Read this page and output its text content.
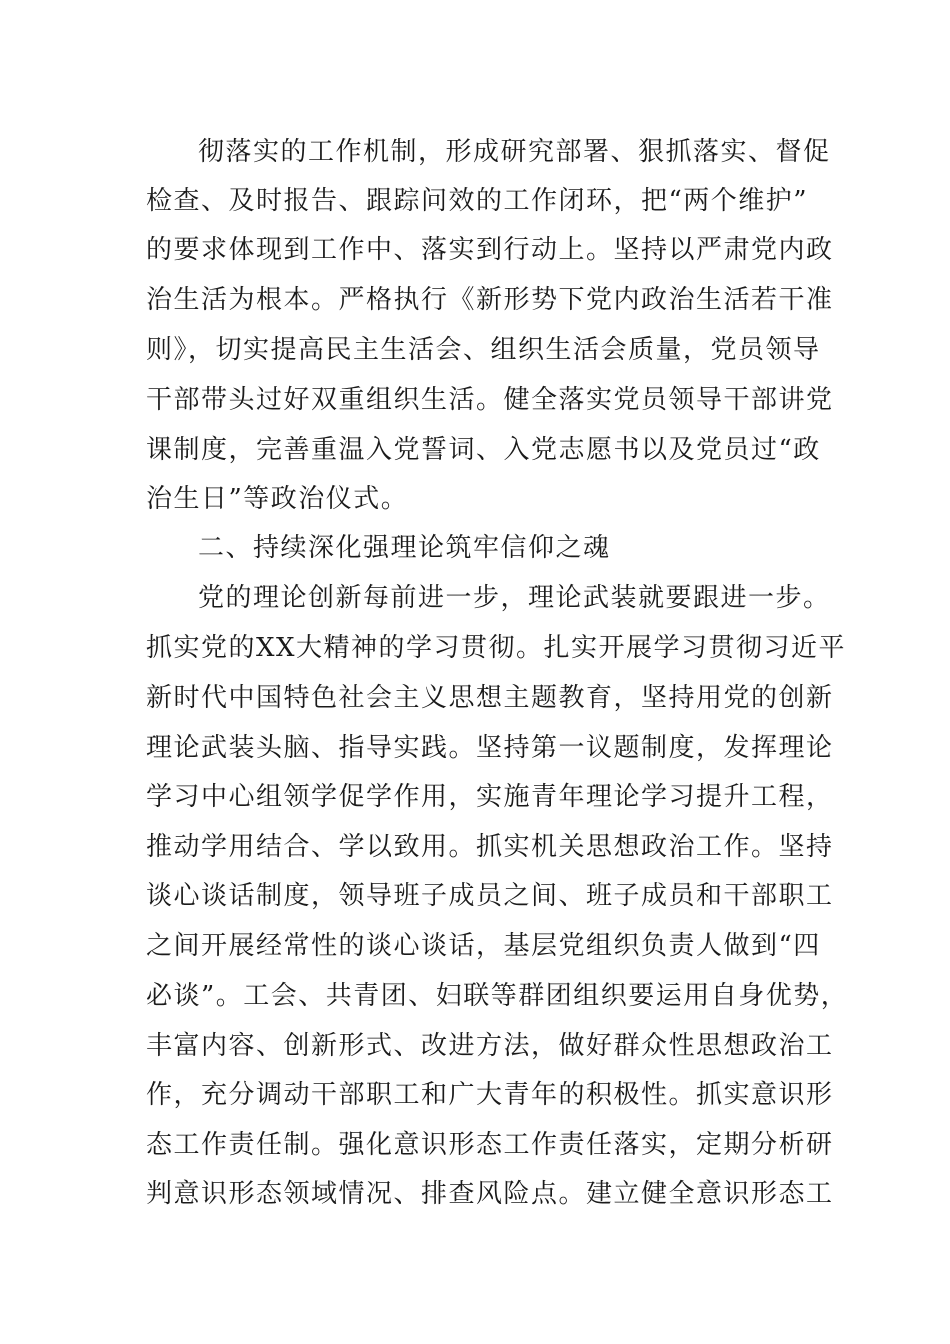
彻落实的工作机制，形成研究部署、狠抓落实、督促
检查、及时报告、跟踪问效的工作闭环，把“两个维护”
的要求体现到工作中、落实到行动上。坚持以严肃党内政
治生活为根本。严格执行《新形势下党内政治生活若干准
则》，切实提高民主生活会、组织生活会质量，党员领导
干部带头过好双重组织生活。健全落实党员领导干部讲党
课制度，完善重温入党誓词、入党志愿书以及党员过“政
治生日”等政治仪式。
二、持续深化强理论筑牢信仰之魂
党的理论创新每前进一步，理论武装就要跟进一步。
抓实党的XX大精神的学习贯彻。扎实开展学习贯彻习近平
新时代中国特色社会主义思想主题教育，坚持用党的创新
理论武装头脑、指导实践。坚持第一议题制度，发挥理论
学习中心组领学促学作用，实施青年理论学习提升工程，
推动学用结合、学以致用。抓实机关思想政治工作。坚持
谈心谈话制度，领导班子成员之间、班子成员和干部职工
之间开展经常性的谈心谈话，基层党组织负责人做到“四
必谈”。工会、共青团、妇联等群团组织要运用自身优势，
丰富内容、创新形式、改进方法，做好群众性思想政治工
作，充分调动干部职工和广大青年的积极性。抓实意识形
态工作责任制。强化意识形态工作责任落实，定期分析研
判意识形态领域情况、排查风险点。建立健全意识形态工
